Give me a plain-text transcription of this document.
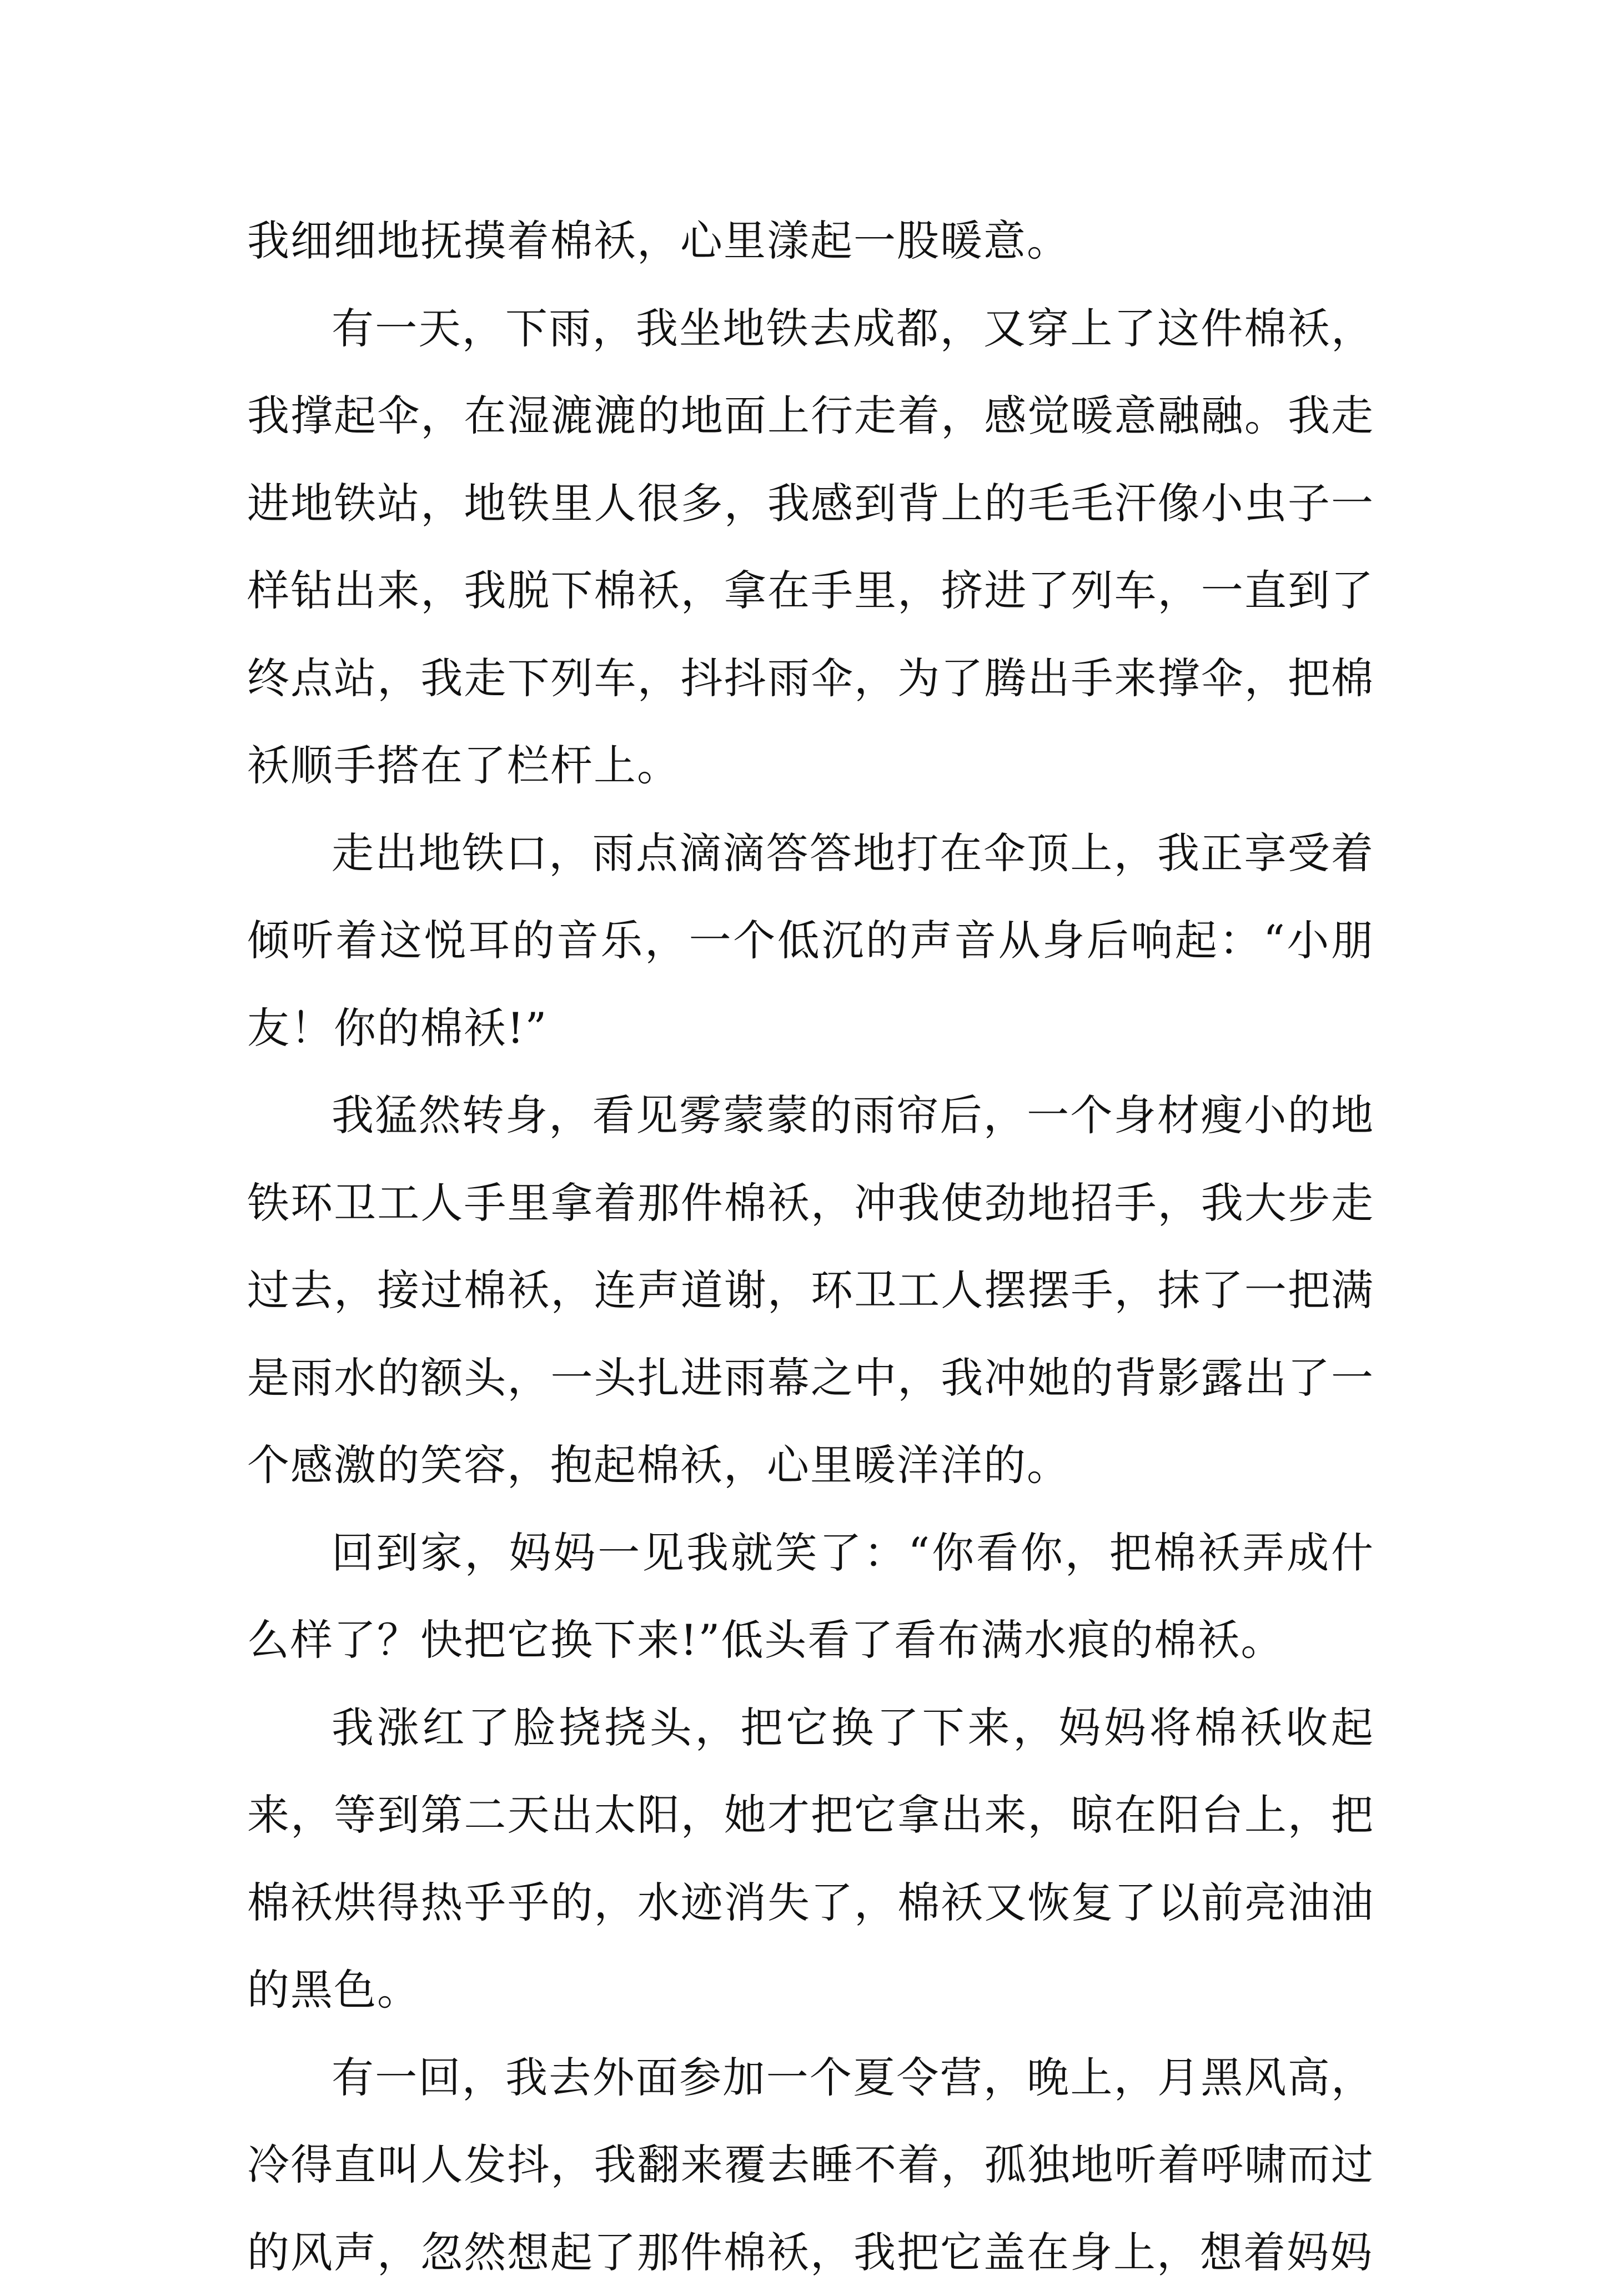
我细细地抚摸着棉袄，心里漾起一股暖意。

有一天，下雨，我坐地铁去成都，又穿上了这件棉袄，我撑起伞，在湿漉漉的地面上行走着，感觉暖意融融。我走进地铁站，地铁里人很多，我感到背上的毛毛汗像小虫子一样钻出来，我脱下棉袄，拿在手里，挤进了列车，一直到了终点站，我走下列车，抖抖雨伞，为了腾出手来撑伞，把棉袄顺手搭在了栏杆上。

走出地铁口，雨点滴滴答答地打在伞顶上，我正享受着倾听着这悦耳的音乐，一个低沉的声音从身后响起：“小朋友！你的棉袄!”

我猛然转身，看见雾蒙蒙的雨帘后，一个身材瘦小的地铁环卫工人手里拿着那件棉袄，冲我使劲地招手，我大步走过去，接过棉袄，连声道谢，环卫工人摆摆手，抹了一把满是雨水的额头，一头扎进雨幕之中，我冲她的背影露出了一个感激的笑容，抱起棉袄，心里暖洋洋的。

回到家，妈妈一见我就笑了：“你看你，把棉袄弄成什么样了？快把它换下来!”低头看了看布满水痕的棉袄。

我涨红了脸挠挠头，把它换了下来，妈妈将棉袄收起来，等到第二天出太阳，她才把它拿出来，晾在阳台上，把棉袄烘得热乎乎的，水迹消失了，棉袄又恢复了以前亮油油的黑色。

有一回，我去外面参加一个夏令营，晚上，月黑风高，冷得直叫人发抖，我翻来覆去睡不着，孤独地听着呼啸而过的风声，忽然想起了那件棉袄，我把它盖在身上，想着妈妈
